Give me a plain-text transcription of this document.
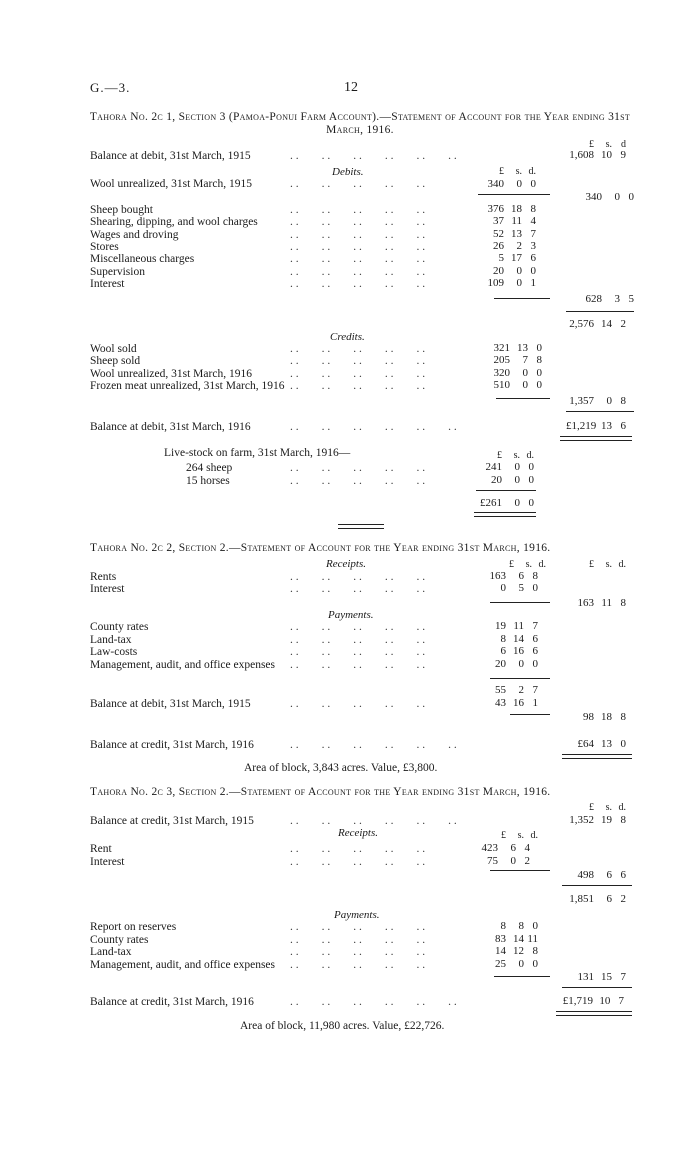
G.—3.	12
Tahora No. 2c 1, Section 3 (Pamoa-Ponui Farm Account).—Statement of Account for the Year ending 31st March, 1916.
£	s. d
Balance at debit, 31st March, 1915	. .        . .        . .        . .        . .        . .	1,608 10 9
Debits.	£	s. d.
Wool unrealized, 31st March, 1915	. .        . .        . .        . .        . .	340	0 0
340	0 0
Sheep bought	. .        . .        . .        . .        . .	376 18 8
Shearing, dipping, and wool charges	. .        . .        . .        . .        . .	37 11 4
Wages and droving	. .        . .        . .        . .        . .	52 13 7
Stores	. .        . .        . .        . .        . .	26	2 3
Miscellaneous charges	. .        . .        . .        . .        . .	5 17 6
Supervision	. .        . .        . .        . .        . .	20	0 0
Interest	. .        . .        . .        . .        . .	109	0 1
628	3 5
2,576 14 2
Credits.
Wool sold	. .        . .        . .        . .        . .	321 13 0
Sheep sold	. .        . .        . .        . .        . .	205	7 8
Wool unrealized, 31st March, 1916	. .        . .        . .        . .        . .	320	0 0
Frozen meat unrealized, 31st March, 1916 . .        . .        . .        . .        . .	510	0 0
1,357	0 8
Balance at debit, 31st March, 1916	. .        . .        . .        . .        . .        . .	£1,219 13 6
Live-stock on farm, 31st March, 1916—	£	s. d.
264 sheep	. .        . .        . .        . .        . .	241	0 0
15 horses	. .        . .        . .        . .        . .	20	0 0
£261	0 0
Tahora No. 2c 2, Section 2.—Statement of Account for the Year ending 31st March, 1916.
Receipts.	£	s. d.	£	s. d.
Rents	. .        . .        . .        . .        . .	163	6 8
Interest	. .        . .        . .        . .        . .	0	5 0
163 11 8
Payments.
County rates	. .        . .        . .        . .        . .	19 11 7
Land-tax	. .        . .        . .        . .        . .	8 14 6
Law-costs	. .        . .        . .        . .        . .	6 16 6
Management, audit, and office expenses . .        . .        . .        . .        . .	20	0 0
55	2 7
Balance at debit, 31st March, 1915	. .        . .        . .        . .        . .	43 16 1
98 18 8
Balance at credit, 31st March, 1916	. .        . .        . .        . .        . .        . .	£64 13 0
Area of block, 3,843 acres. Value, £3,800.
Tahora No. 2c 3, Section 2.—Statement of Account for the Year ending 31st March, 1916.
£	s. d.
Balance at credit, 31st March, 1915	. .        . .        . .        . .        . .        . .	1,352 19 8
Receipts.	£	s. d.
Rent	. .        . .        . .        . .        . .	423	6 4
Interest	. .        . .        . .        . .        . .	75	0 2
498	6 6
1,851	6 2
Payments.
Report on reserves	. .        . .        . .        . .        . .	8	8 0
County rates	. .        . .        . .        . .        . .	83 14 11
Land-tax	. .        . .        . .        . .        . .	14 12 8
Management, audit, and office expenses . .        . .        . .        . .        . .	25	0 0
131 15 7
Balance at credit, 31st March, 1916	. .        . .        . .        . .        . .        . .	£1,719 10 7
Area of block, 11,980 acres. Value, £22,726.
